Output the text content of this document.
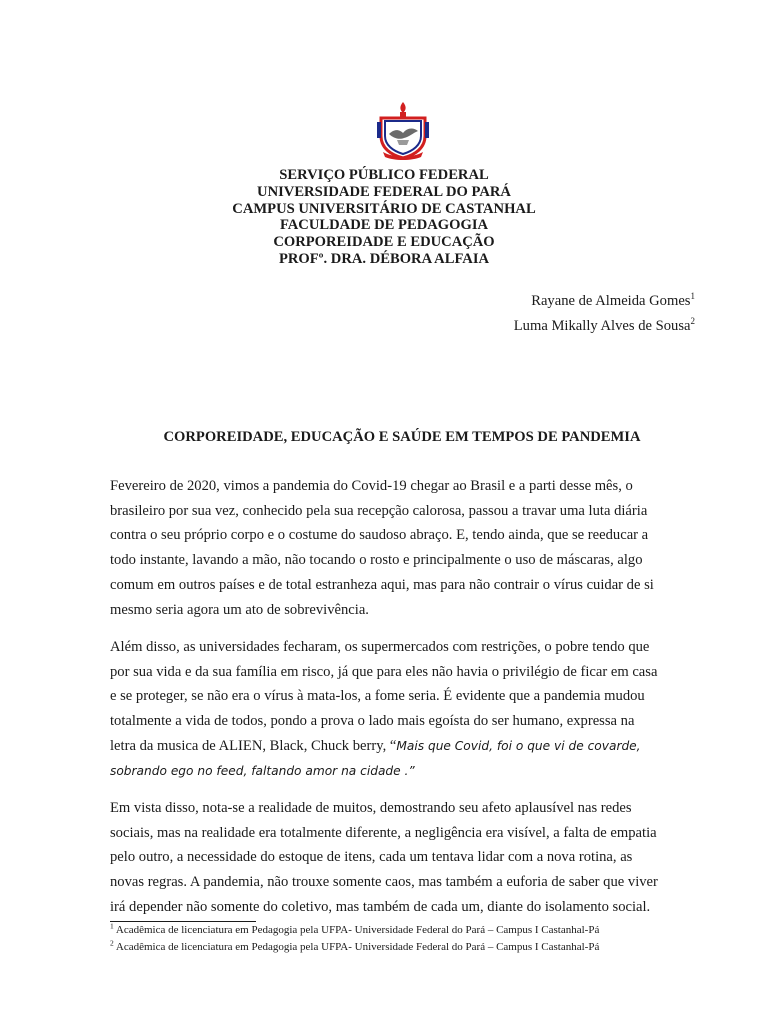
SERVIÇO PÚBLICO FEDERAL
UNIVERSIDADE FEDERAL DO PARÁ
CAMPUS UNIVERSITÁRIO DE CASTANHAL
FACULDADE DE PEDAGOGIA
CORPOREIDADE E EDUCAÇÃO
PROFº. DRA. DÉBORA ALFAIA
Rayane de Almeida Gomes$^1$
Luma Mikally Alves de Sousa$^2$
CORPOREIDADE, EDUCAÇÃO E SAÚDE EM TEMPOS DE PANDEMIA
Fevereiro de 2020, vimos a pandemia do Covid-19 chegar ao Brasil e a parti desse mês, o
brasileiro por sua vez, conhecido pela sua recepção calorosa, passou a travar uma luta diária
contra o seu próprio corpo e o costume do saudoso abraço. E, tendo ainda, que se reeducar a
todo instante, lavando a mão, não tocando o rosto e principalmente o uso de máscaras, algo
comum em outros países e de total estranheza aqui, mas para não contrair o vírus cuidar de si
mesmo seria agora um ato de sobrevivência.
Além disso, as universidades fecharam, os supermercados com restrições, o pobre tendo que
por sua vida e da sua família em risco, já que para eles não havia o privilégio de ficar em casa
e se proteger, se não era o vírus à mata-los, a fome seria. É evidente que a pandemia mudou
totalmente a vida de todos, pondo a prova o lado mais egoísta do ser humano, expressa na
letra da musica de ALIEN, Black, Chuck berry, “Mais que Covid, foi o que vi de covarde,
sobrando ego no feed, faltando amor na cidade .”
Em vista disso, nota-se a realidade de muitos, demostrando seu afeto aplausível nas redes
sociais, mas na realidade era totalmente diferente, a negligência era visível, a falta de empatia
pelo outro, a necessidade do estoque de itens, cada um tentava lidar com a nova rotina, as
novas regras. A pandemia, não trouxe somente caos, mas também a euforia de saber que viver
irá depender não somente do coletivo, mas também de cada um, diante do isolamento social.
$^1$ Acadêmica de licenciatura em Pedagogia pela UFPA- Universidade Federal do Pará – Campus I Castanhal-Pá
$^2$ Acadêmica de licenciatura em Pedagogia pela UFPA- Universidade Federal do Pará – Campus I Castanhal-Pá
